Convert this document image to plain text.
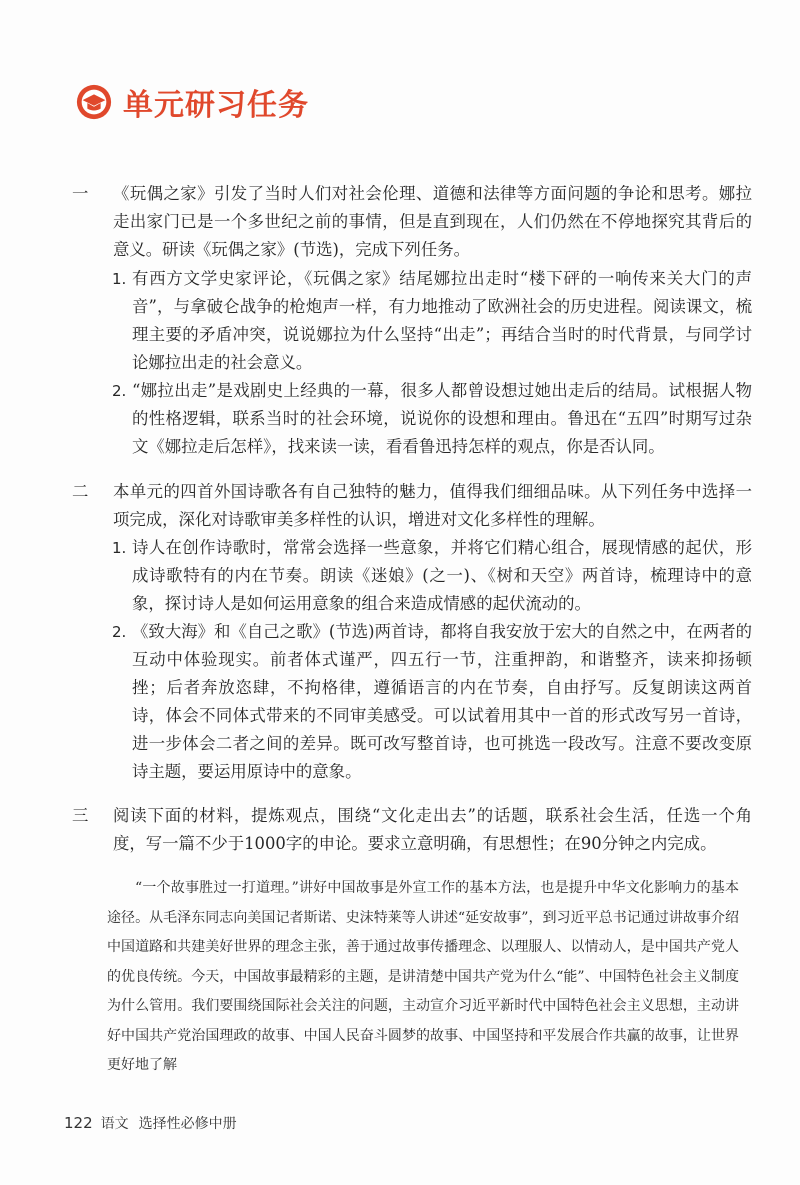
单元研习任务
一	《玩偶之家》引发了当时人们对社会伦理、道德和法律等方面问题的争论和思考。娜拉走出家门已是一个多世纪之前的事情，但是直到现在，人们仍然在不停地探究其背后的意义。研读《玩偶之家》(节选)，完成下列任务。
1. 有西方文学史家评论，《玩偶之家》结尾娜拉出走时“楼下砰的一响传来关大门的声音”，与拿破仑战争的枪炮声一样，有力地推动了欧洲社会的历史进程。阅读课文，梳理主要的矛盾冲突，说说娜拉为什么坚持“出走”；再结合当时的时代背景，与同学讨论娜拉出走的社会意义。
2. “娜拉出走”是戏剧史上经典的一幕，很多人都曾设想过她出走后的结局。试根据人物的性格逻辑，联系当时的社会环境，说说你的设想和理由。鲁迅在“五四”时期写过杂文《娜拉走后怎样》，找来读一读，看看鲁迅持怎样的观点，你是否认同。
二	本单元的四首外国诗歌各有自己独特的魅力，值得我们细细品味。从下列任务中选择一项完成，深化对诗歌审美多样性的认识，增进对文化多样性的理解。
1. 诗人在创作诗歌时，常常会选择一些意象，并将它们精心组合，展现情感的起伏，形成诗歌特有的内在节奏。朗读《迷娘》(之一)、《树和天空》两首诗，梳理诗中的意象，探讨诗人是如何运用意象的组合来造成情感的起伏流动的。
2. 《致大海》和《自己之歌》(节选)两首诗，都将自我安放于宏大的自然之中，在两者的互动中体验现实。前者体式谨严，四五行一节，注重押韵，和谐整齐，读来抑扬顿挫；后者奔放恣肆，不拘格律，遵循语言的内在节奏，自由抒写。反复朗读这两首诗，体会不同体式带来的不同审美感受。可以试着用其中一首的形式改写另一首诗，进一步体会二者之间的差异。既可改写整首诗，也可挑选一段改写。注意不要改变原诗主题，要运用原诗中的意象。
三	阅读下面的材料，提炼观点，围绕“文化走出去”的话题，联系社会生活，任选一个角度，写一篇不少于1000字的申论。要求立意明确，有思想性；在90分钟之内完成。
“一个故事胜过一打道理。”讲好中国故事是外宣工作的基本方法，也是提升中华文化影响力的基本途径。从毛泽东同志向美国记者斯诺、史沫特莱等人讲述“延安故事”，到习近平总书记通过讲故事介绍中国道路和共建美好世界的理念主张，善于通过故事传播理念、以理服人、以情动人，是中国共产党人的优良传统。今天，中国故事最精彩的主题，是讲清楚中国共产党为什么“能”、中国特色社会主义制度为什么管用。我们要围绕国际社会关注的问题，主动宣介习近平新时代中国特色社会主义思想，主动讲好中国共产党治国理政的故事、中国人民奋斗圆梦的故事、中国坚持和平发展合作共赢的故事，让世界更好地了解
122 语文 选择性必修中册
